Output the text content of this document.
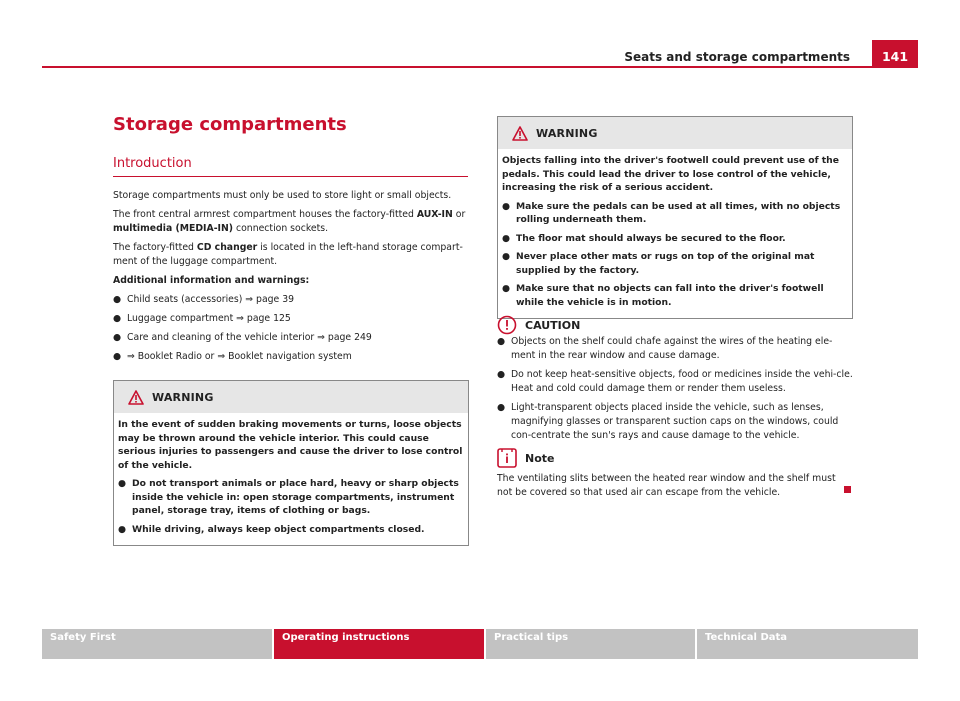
Seats and storage compartments	141
Storage compartments
Introduction

Storage compartments must only be used to store light or small objects.

The front central armrest compartment houses the factory-fitted AUX-IN or multimedia (MEDIA-IN) connection sockets.

The factory-fitted CD changer is located in the left-hand storage compart-ment of the luggage compartment.

Additional information and warnings:

● Child seats (accessories) ⇒ page 39
● Luggage compartment ⇒ page 125
● Care and cleaning of the vehicle interior ⇒ page 249
● ⇒ Booklet Radio or ⇒ Booklet navigation system
WARNING

In the event of sudden braking movements or turns, loose objects may be thrown around the vehicle interior. This could cause serious injuries to passengers and cause the driver to lose control of the vehicle.

● Do not transport animals or place hard, heavy or sharp objects inside the vehicle in: open storage compartments, instrument panel, storage tray, items of clothing or bags.
● While driving, always keep object compartments closed.
WARNING

Objects falling into the driver's footwell could prevent use of the pedals. This could lead the driver to lose control of the vehicle, increasing the risk of a serious accident.

● Make sure the pedals can be used at all times, with no objects rolling underneath them.
● The floor mat should always be secured to the floor.
● Never place other mats or rugs on top of the original mat supplied by the factory.
● Make sure that no objects can fall into the driver's footwell while the vehicle is in motion.
CAUTION
● Objects on the shelf could chafe against the wires of the heating ele-ment in the rear window and cause damage.
● Do not keep heat-sensitive objects, food or medicines inside the vehi-cle. Heat and cold could damage them or render them useless.
● Light-transparent objects placed inside the vehicle, such as lenses, magnifying glasses or transparent suction caps on the windows, could con-centrate the sun's rays and cause damage to the vehicle.
Note

The ventilating slits between the heated rear window and the shelf must not be covered so that used air can escape from the vehicle.

Safety First	Operating instructions	Practical tips	Technical Data
